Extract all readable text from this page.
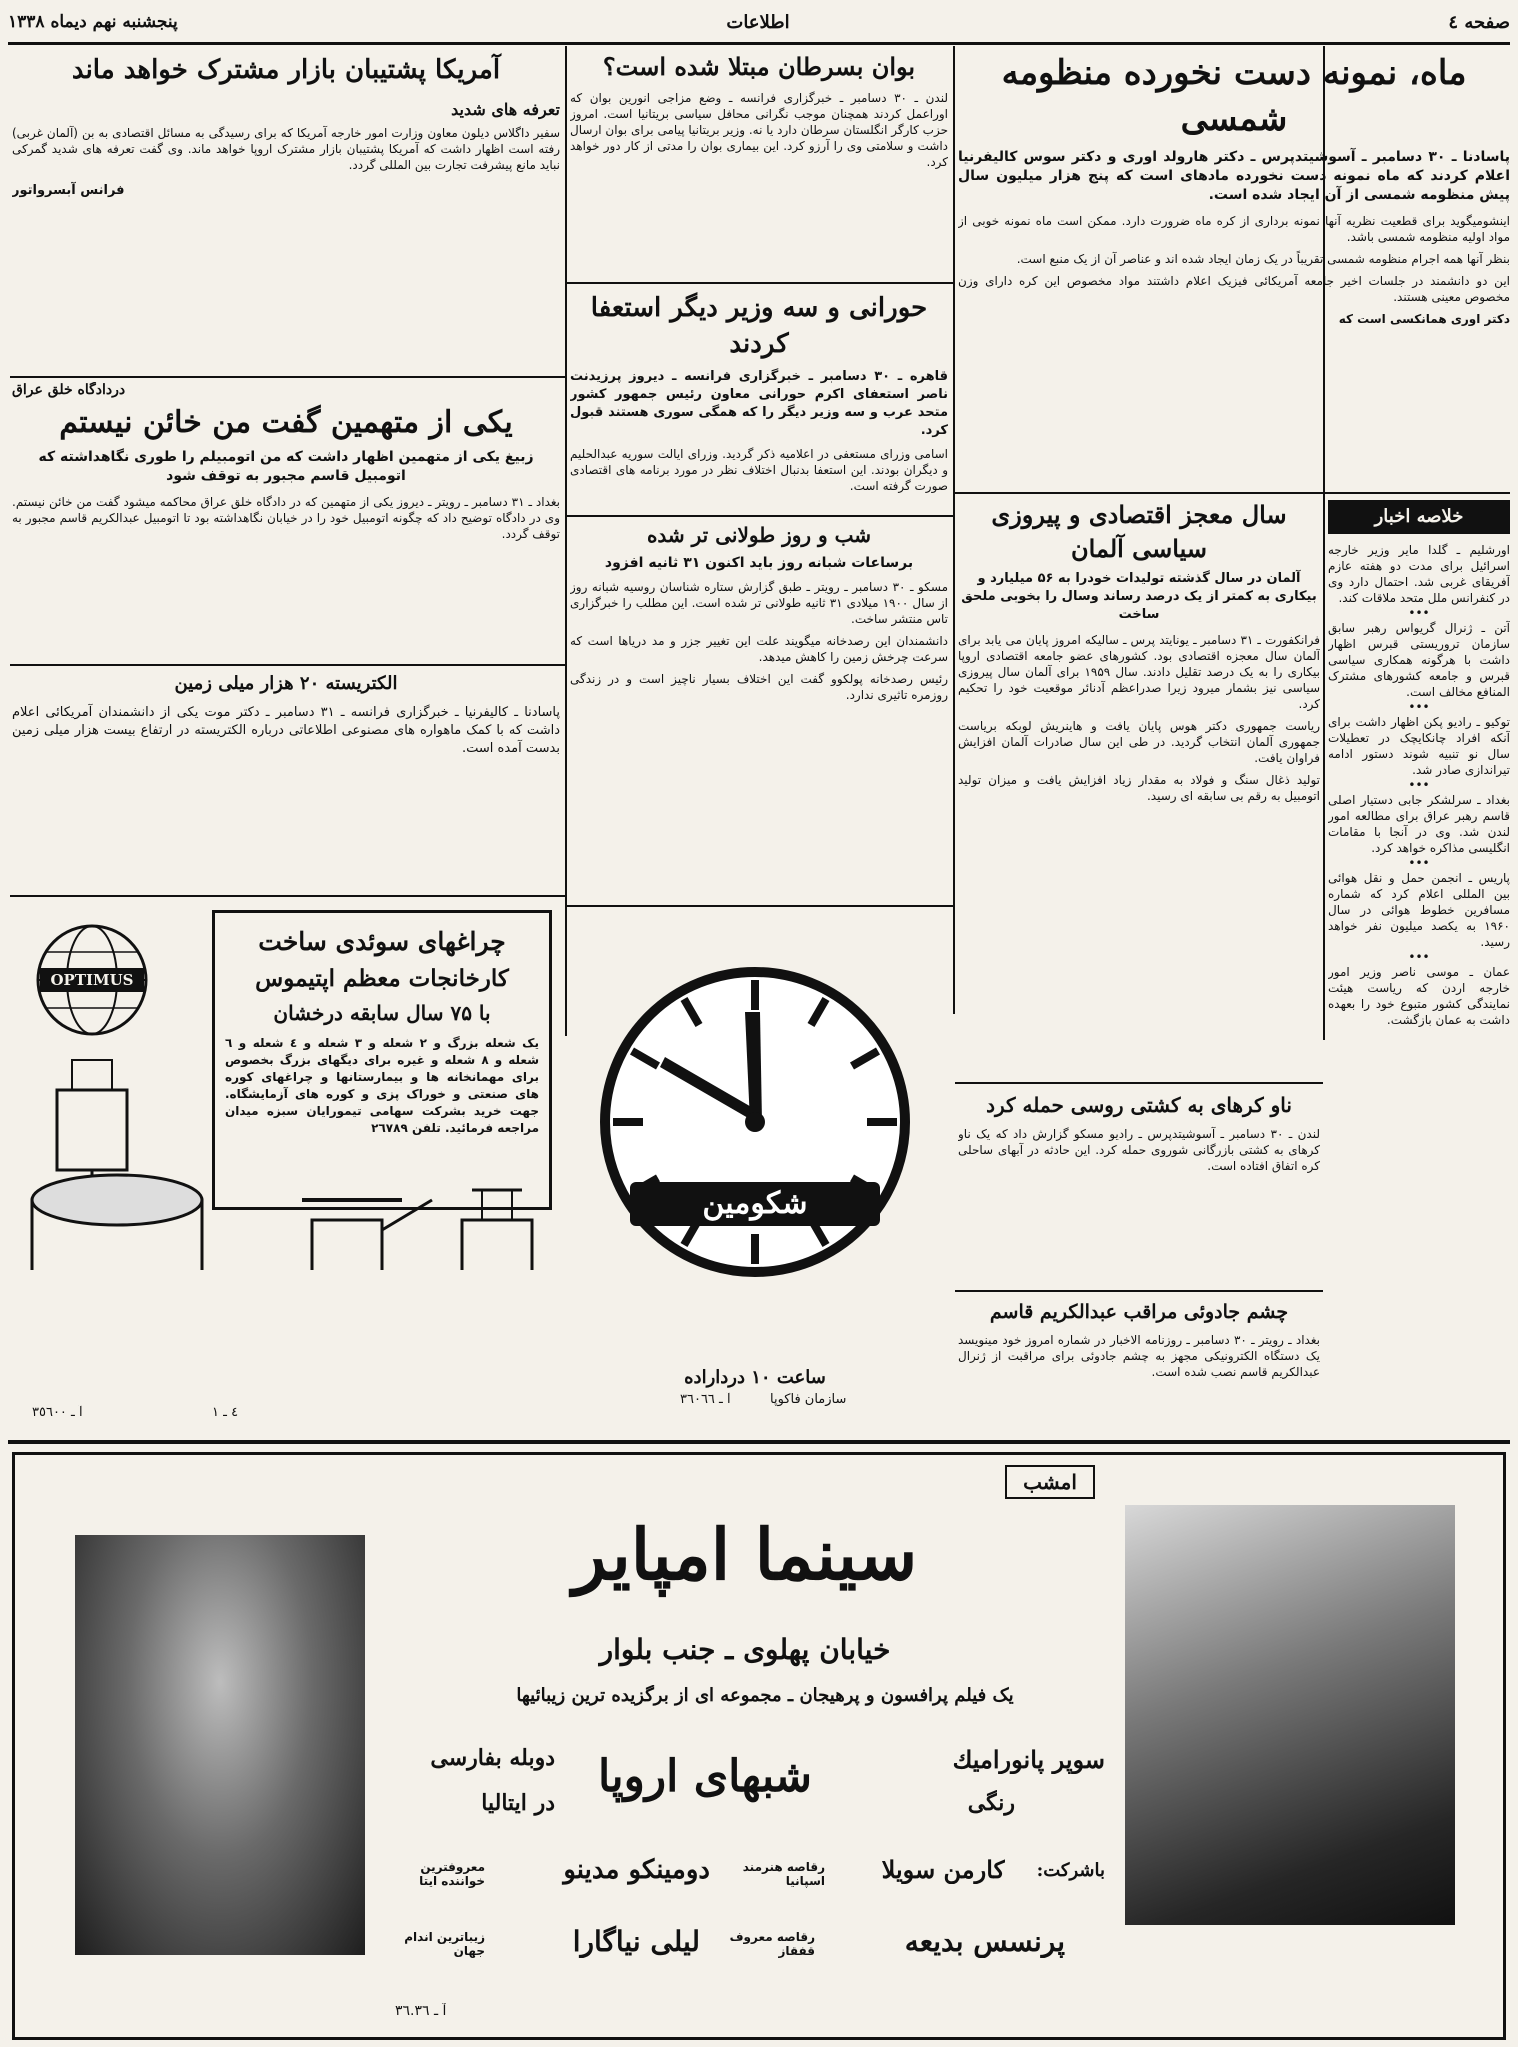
صفحه ٤
اطلاعات
پنجشنبه نهم دیماه ۱۳۳۸
ماه، نمونه دست نخورده منظومه شمسی
پاسادنا ـ ۳۰ دسامبر ـ آسوشیتدپرس ـ دکتر هارولد اوری و دکتر سوس کالیفرنیا اعلام کردند که ماه نمونه دست نخورده مادهای است که پنج هزار میلیون سال پیش منظومه شمسی از آن ایجاد شده است.
اینشومیگوید برای قطعیت نظریه آنها نمونه برداری از کره ماه ضرورت دارد. ممکن است ماه نمونه خوبی از مواد اولیه منظومه شمسی باشد.
بنظر آنها همه اجرام منظومه شمسی تقریباً در یک زمان ایجاد شده اند و عناصر آن از یک منبع است.
این دو دانشمند در جلسات اخیر جامعه آمریکائی فیزیک اعلام داشتند مواد مخصوص این کره دارای وزن مخصوص معینی هستند.
دکتر اوری همانکسی است که
بوان بسرطان مبتلا شده است؟
لندن ـ ۳۰ دسامبر ـ خبرگزاری فرانسه ـ وضع مزاجی انورین بوان که اوراعمل کردند همچنان موجب نگرانی محافل سیاسی بریتانیا است. امروز حزب کارگر انگلستان سرطان دارد یا نه. وزیر بریتانیا پیامی برای بوان ارسال داشت و سلامتی وی را آرزو کرد. این بیماری بوان را مدتی از کار دور خواهد کرد.
حورانی و سه وزیر دیگر استعفا کردند
قاهره ـ ۳۰ دسامبر ـ خبرگزاری فرانسه ـ دیروز پرزیدنت ناصر استعفای اکرم حورانی معاون رئیس جمهور کشور متحد عرب و سه وزیر دیگر را که همگی سوری هستند قبول کرد.
اسامی وزرای مستعفی در اعلامیه ذکر گردید. وزرای ایالت سوریه عبدالحلیم و دیگران بودند. این استعفا بدنبال اختلاف نظر در مورد برنامه های اقتصادی صورت گرفته است.
آمریکا پشتیبان بازار مشترک خواهد ماند
تعرفه های شدید
سفیر داگلاس دیلون معاون وزارت امور خارجه آمریکا که برای رسیدگی به مسائل اقتصادی به بن (آلمان غربی) رفته است اظهار داشت که آمریکا پشتیبان بازار مشترک اروپا خواهد ماند. وی گفت تعرفه های شدید گمرکی نباید مانع پیشرفت تجارت بین المللی گردد.
فرانس آبسرواتور
دردادگاه خلق عراق
یکی از متهمین گفت من خائن نیستم
زبیغ یکی از متهمین اظهار داشت که من اتومبیلم را طوری نگاهداشته که اتومبیل قاسم مجبور به توقف شود
بغداد ـ ۳۱ دسامبر ـ رویتر ـ دیروز یکی از متهمین که در دادگاه خلق عراق محاکمه میشود گفت من خائن نیستم. وی در دادگاه توضیح داد که چگونه اتومبیل خود را در خیابان نگاهداشته بود تا اتومبیل عبدالکریم قاسم مجبور به توقف گردد.
الکتریسته ۲۰ هزار میلی زمین
پاسادنا ـ کالیفرنیا ـ خبرگزاری فرانسه ـ ۳۱ دسامبر ـ دکتر موت یکی از دانشمندان آمریکائی اعلام داشت که با کمک ماهواره های مصنوعی اطلاعاتی درباره الکتریسته در ارتفاع بیست هزار میلی زمین بدست آمده است.
شب و روز طولانی تر شده
برساعات شبانه روز باید اکنون ۳۱ ثانیه افزود
مسکو ـ ۳۰ دسامبر ـ رویتر ـ طبق گزارش ستاره شناسان روسیه شبانه روز از سال ۱۹۰۰ میلادی ۳۱ ثانیه طولانی تر شده است. این مطلب را خبرگزاری تاس منتشر ساخت.
دانشمندان این رصدخانه میگویند علت این تغییر جزر و مد دریاها است که سرعت چرخش زمین را کاهش میدهد.
رئیس رصدخانه پولکوو گفت این اختلاف بسیار ناچیز است و در زندگی روزمره تاثیری ندارد.
سال معجز اقتصادی و پیروزی سیاسی آلمان
آلمان در سال گذشته تولیدات خودرا به ۵۶ میلیارد و بیکاری به کمتر از یک درصد رساند وسال را بخوبی ملحق ساخت
فرانکفورت ـ ۳۱ دسامبر ـ یونایتد پرس ـ سالیکه امروز پایان می یابد برای آلمان سال معجزه اقتصادی بود. کشورهای عضو جامعه اقتصادی اروپا بیکاری را به یک درصد تقلیل دادند. سال ۱۹۵۹ برای آلمان سال پیروزی سیاسی نیز بشمار میرود زیرا صدراعظم آدنائر موقعیت خود را تحکیم کرد.
ریاست جمهوری دکتر هوس پایان یافت و هاینریش لوبکه بریاست جمهوری آلمان انتخاب گردید. در طی این سال صادرات آلمان افزایش فراوان یافت.
تولید ذغال سنگ و فولاد به مقدار زیاد افزایش یافت و میزان تولید اتومبیل به رقم بی سابقه ای رسید.
ناو کرهای به کشتی روسی حمله کرد
لندن ـ ۳۰ دسامبر ـ آسوشیتدپرس ـ رادیو مسکو گزارش داد که یک ناو کرهای به کشتی بازرگانی شوروی حمله کرد. این حادثه در آبهای ساحلی کره اتفاق افتاده است.
چشم جادوئی مراقب عبدالکریم قاسم
بغداد ـ رویتر ـ ۳۰ دسامبر ـ روزنامه الاخبار در شماره امروز خود مینویسد یک دستگاه الکترونیکی مجهز به چشم جادوئی برای مراقبت از ژنرال عبدالکریم قاسم نصب شده است.
خلاصه اخبار
اورشلیم ـ گلدا مایر وزیر خارجه اسرائیل برای مدت دو هفته عازم آفریقای غربی شد. احتمال دارد وی در کنفرانس ملل متحد ملاقات کند.
•••
آتن ـ ژنرال گریواس رهبر سابق سازمان تروریستی قبرس اظهار داشت با هرگونه همکاری سیاسی قبرس و جامعه کشورهای مشترک المنافع مخالف است.
•••
توکیو ـ رادیو پکن اظهار داشت برای آنکه افراد چانکایچک در تعطیلات سال نو تنبیه شوند دستور ادامه تیراندازی صادر شد.
•••
بغداد ـ سرلشکر جابی دستیار اصلی قاسم رهبر عراق برای مطالعه امور لندن شد. وی در آنجا با مقامات انگلیسی مذاکره خواهد کرد.
•••
پاریس ـ انجمن حمل و نقل هوائی بین المللی اعلام کرد که شماره مسافرین خطوط هوائی در سال ۱۹۶۰ به یکصد میلیون نفر خواهد رسید.
•••
عمان ـ موسی ناصر وزیر امور خارجه اردن که ریاست هیئت نمایندگی کشور متبوع خود را بعهده داشت به عمان بازگشت.
OPTIMUS
چراغهای سوئدی ساخت
کارخانجات معظم اپتیموس
با ۷۵ سال سابقه درخشان
یک شعله بزرگ و ۲ شعله و ۳ شعله و ٤ شعله و ٦ شعله و ۸ شعله و غیره برای دیگهای بزرگ بخصوص برای مهمانخانه ها و بیمارستانها و چراغهای کوره های صنعتی و خوراک پزی و کوره های آزمایشگاه. جهت خرید بشرکت سهامی تیمورایان سبزه میدان مراجعه فرمائید. تلفن ۲٦۷۸۹
آ ـ ۳٥٦۰۰	٤ ـ ۱
شکومین
ساعت ۱۰ درداراده
آ ـ ۳٦۰٦٦	سازمان فاکوپا
امشب
سینما امپایر
خیابان پهلوی ـ جنب بلوار
یک فیلم پرافسون و پرهیجان ـ مجموعه ای از برگزیده ترین زیبائیها
سوپر پانوراميك
دوبله بفارسی شبهای اروپا
رنگی
در ایتالیا
باشرکت:
کارمن سویلا
رقاصه هنرمند اسپانیا
دومینکو مدینو
معروفترین خواننده ایتا
پرنسس بدیعه
رقاصه معروف قفقاز
لیلی نیاگارا
زیباترین اندام جهان
آ ـ ۳٦.۳٦
